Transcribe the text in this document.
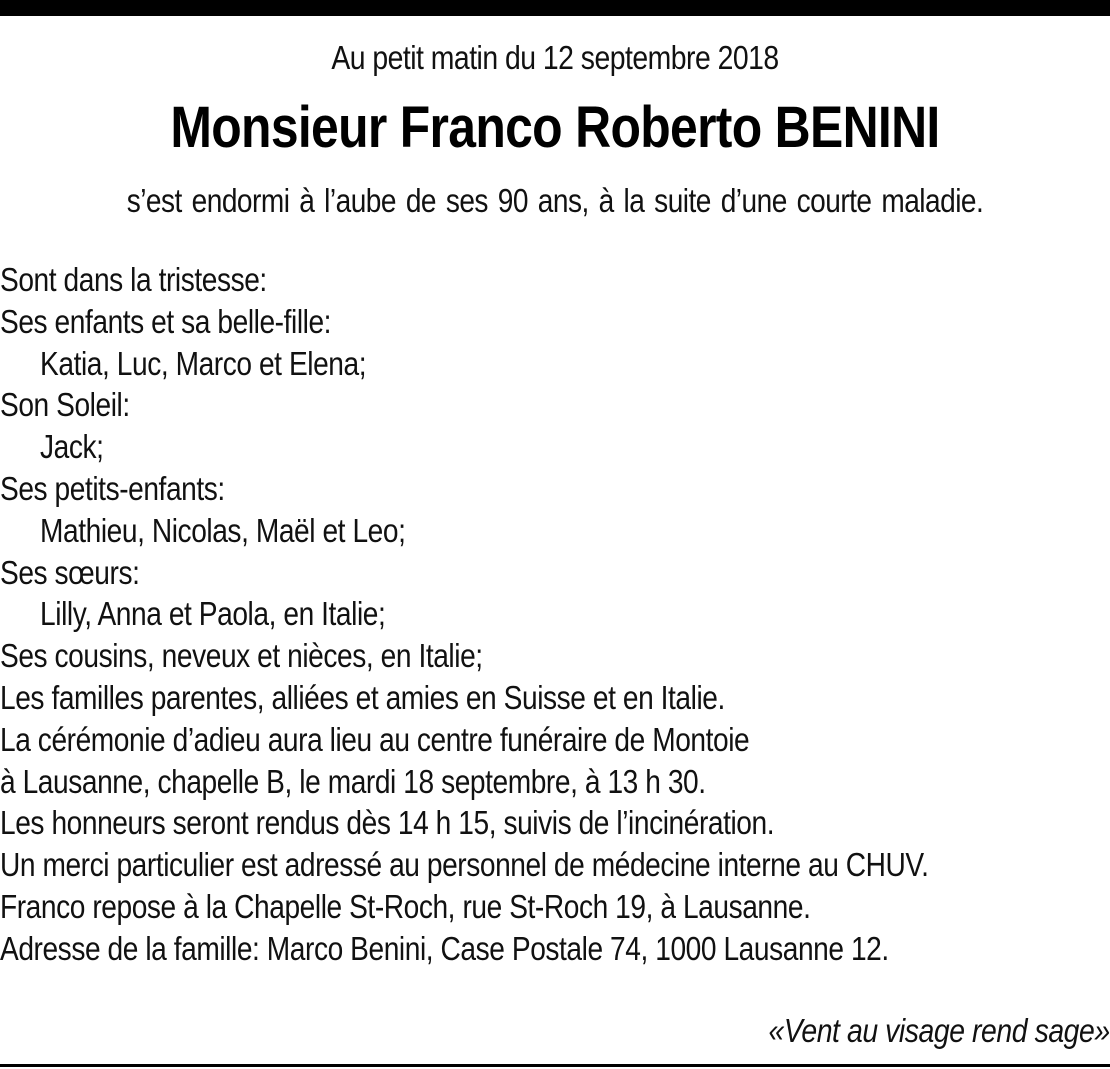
Au petit matin du 12 septembre 2018
Monsieur Franco Roberto BENINI
s’est endormi à l’aube de ses 90 ans, à la suite d’une courte maladie.
Sont dans la tristesse:
Ses enfants et sa belle-fille:
Katia, Luc, Marco et Elena;
Son Soleil:
Jack;
Ses petits-enfants:
Mathieu, Nicolas, Maël et Leo;
Ses sœurs:
Lilly, Anna et Paola, en Italie;
Ses cousins, neveux et nièces, en Italie;
Les familles parentes, alliées et amies en Suisse et en Italie.
La cérémonie d’adieu aura lieu au centre funéraire de Montoie
à Lausanne, chapelle B, le mardi 18 septembre, à 13 h 30.
Les honneurs seront rendus dès 14 h 15, suivis de l’incinération.
Un merci particulier est adressé au personnel de médecine interne au CHUV.
Franco repose à la Chapelle St-Roch, rue St-Roch 19, à Lausanne.
Adresse de la famille: Marco Benini, Case Postale 74, 1000 Lausanne 12.
«Vent au visage rend sage»
